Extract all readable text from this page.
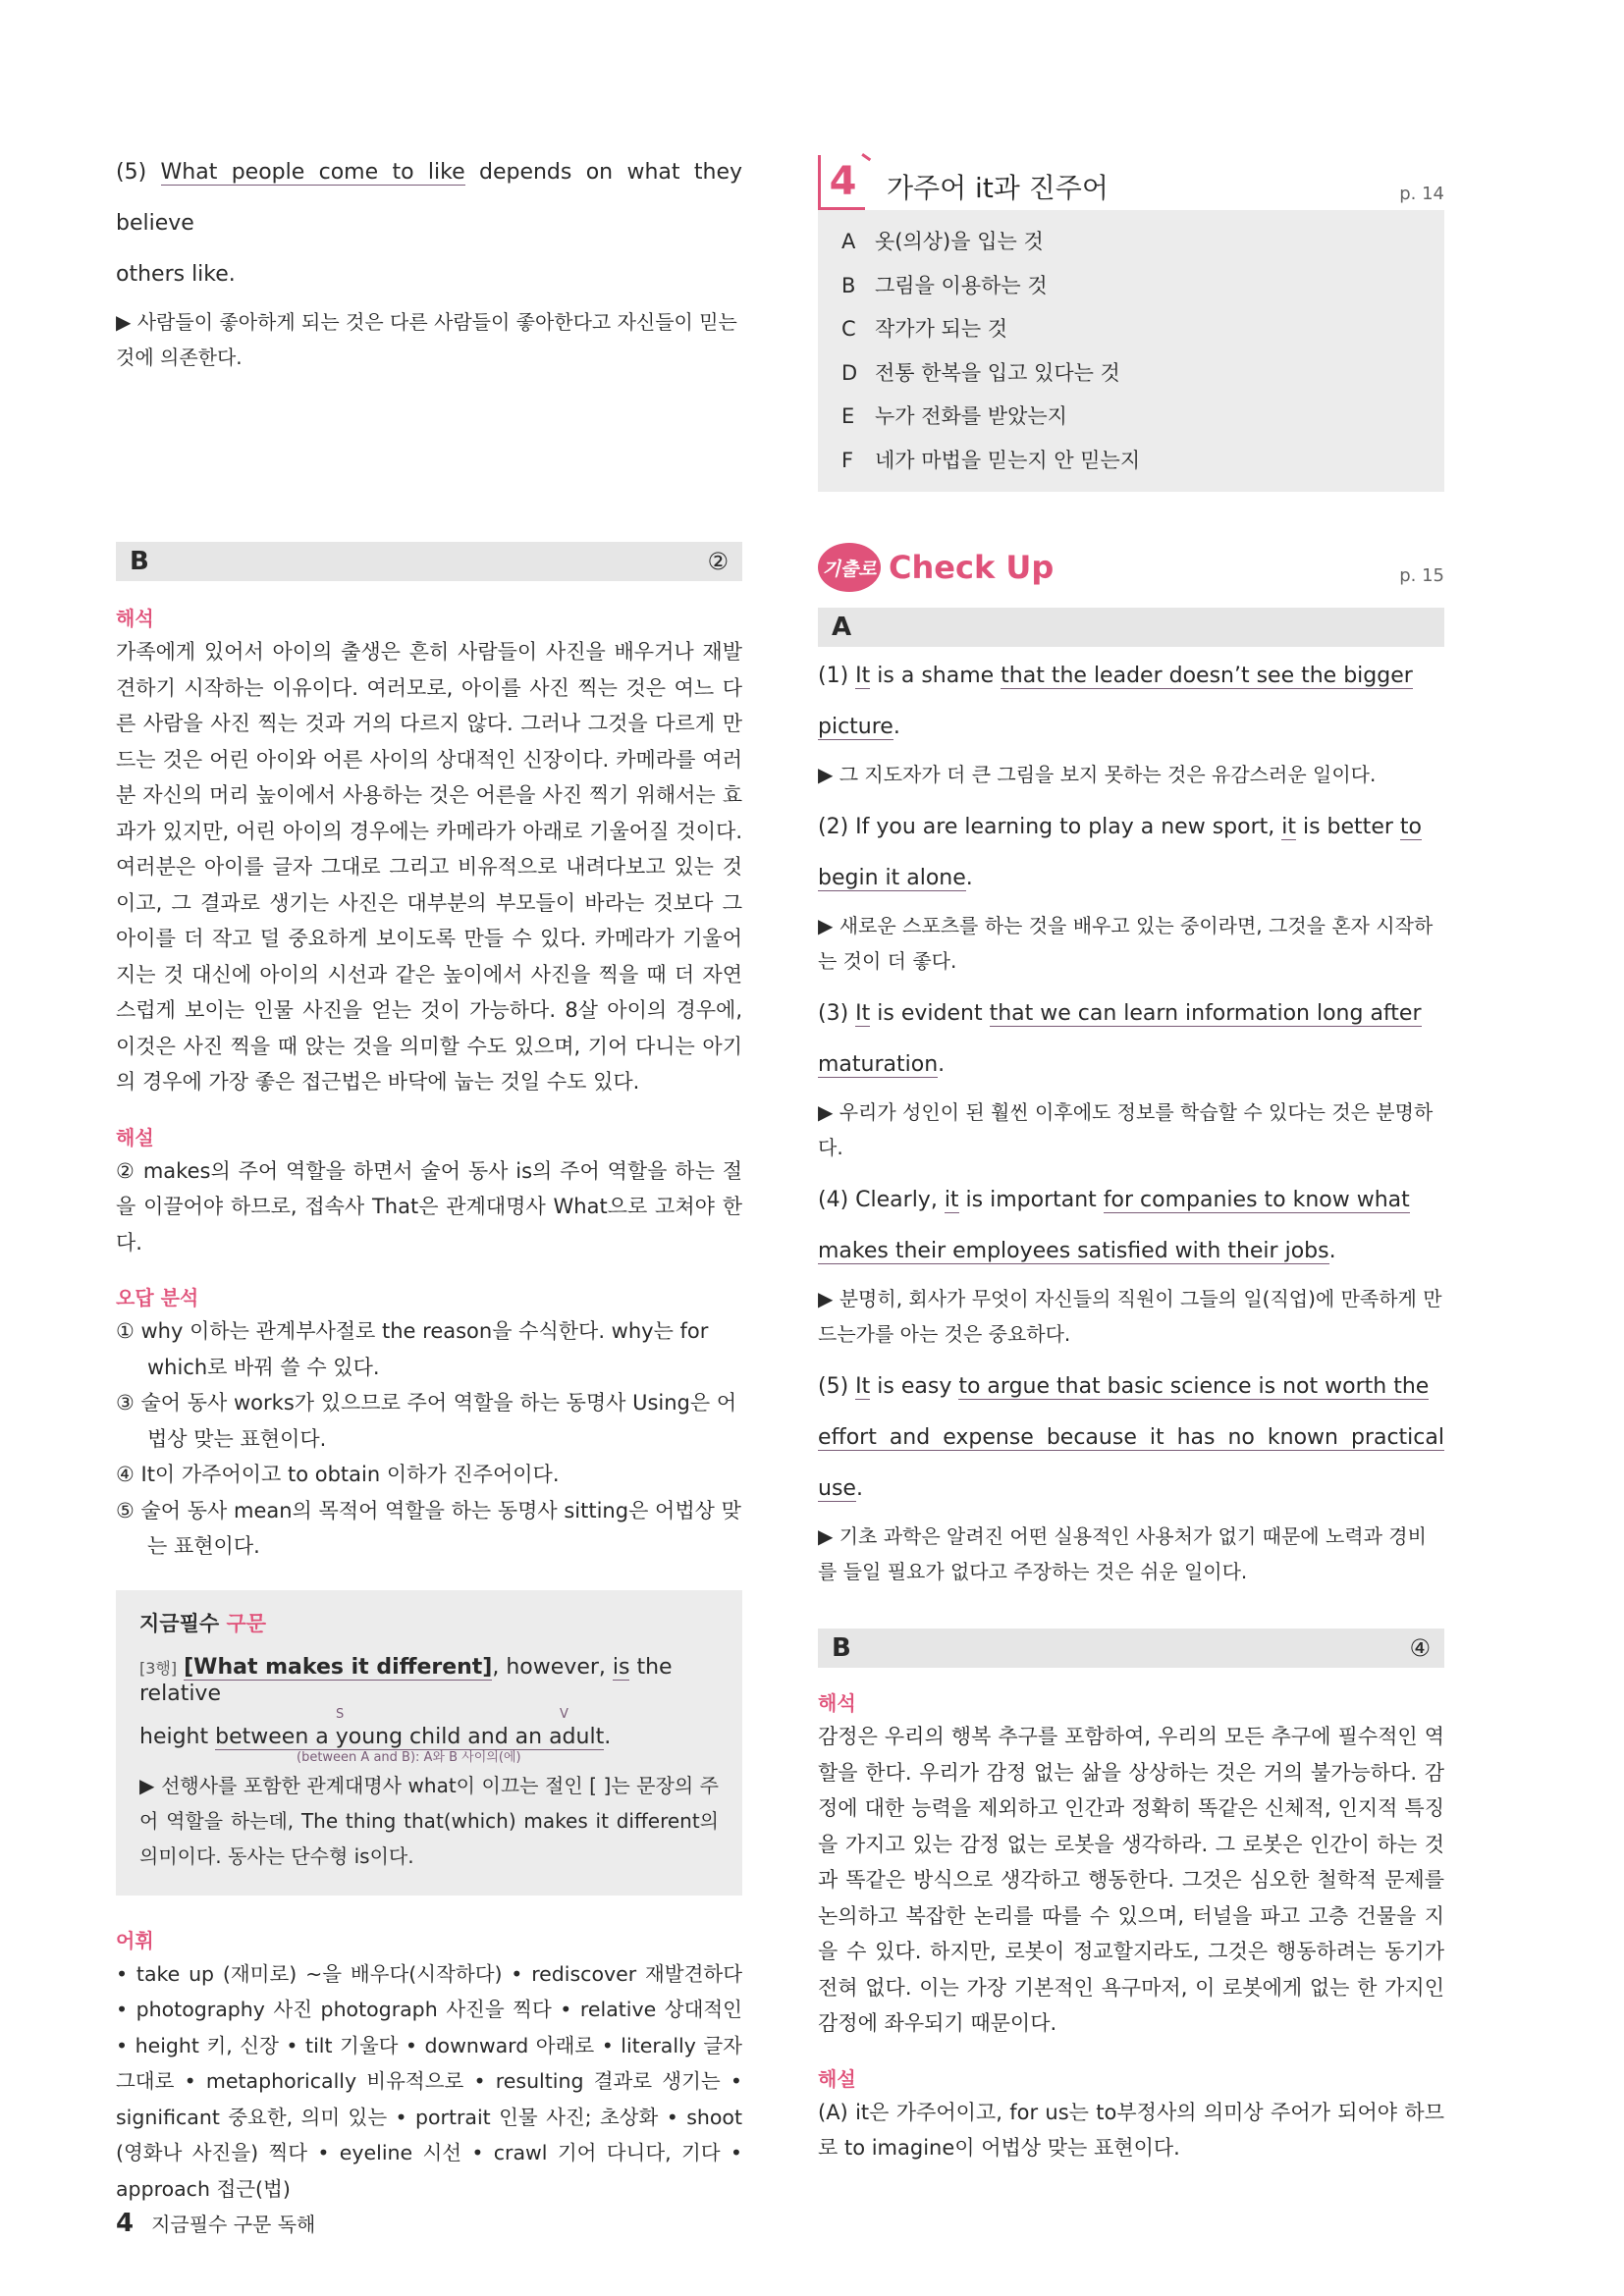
(5) What people come to like depends on what they believe

others like.

▶ 사람들이 좋아하게 되는 것은 다른 사람들이 좋아한다고 자신들이 믿는 것에 의존한다.

B	②

해석

가족에게 있어서 아이의 출생은 흔히 사람들이 사진을 배우거나 재발견하기 시작하는 이유이다. 여러모로, 아이를 사진 찍는 것은 여느 다른 사람을 사진 찍는 것과 거의 다르지 않다. 그러나 그것을 다르게 만드는 것은 어린 아이와 어른 사이의 상대적인 신장이다. 카메라를 여러분 자신의 머리 높이에서 사용하는 것은 어른을 사진 찍기 위해서는 효과가 있지만, 어린 아이의 경우에는 카메라가 아래로 기울어질 것이다. 여러분은 아이를 글자 그대로 그리고 비유적으로 내려다보고 있는 것이고, 그 결과로 생기는 사진은 대부분의 부모들이 바라는 것보다 그 아이를 더 작고 덜 중요하게 보이도록 만들 수 있다. 카메라가 기울어지는 것 대신에 아이의 시선과 같은 높이에서 사진을 찍을 때 더 자연스럽게 보이는 인물 사진을 얻는 것이 가능하다. 8살 아이의 경우에, 이것은 사진 찍을 때 앉는 것을 의미할 수도 있으며, 기어 다니는 아기의 경우에 가장 좋은 접근법은 바닥에 눕는 것일 수도 있다.

해설

② makes의 주어 역할을 하면서 술어 동사 is의 주어 역할을 하는 절을 이끌어야 하므로, 접속사 That은 관계대명사 What으로 고쳐야 한다.

오답 분석

① why 이하는 관계부사절로 the reason을 수식한다. why는 for which로 바꿔 쓸 수 있다.

③ 술어 동사 works가 있으므로 주어 역할을 하는 동명사 Using은 어법상 맞는 표현이다.

④ It이 가주어이고 to obtain 이하가 진주어이다.

⑤ 술어 동사 mean의 목적어 역할을 하는 동명사 sitting은 어법상 맞는 표현이다.

지금필수 구문

[3행] [What makes it different], however, is the relative

S	V

height between a young child and an adult.

(between A and B): A와 B 사이의(에)

▶ 선행사를 포함한 관계대명사 what이 이끄는 절인 [ ]는 문장의 주어 역할을 하는데, The thing that(which) makes it different의 의미이다. 동사는 단수형 is이다.

어휘

• take up (재미로) ~을 배우다(시작하다) • rediscover 재발견하다 • photography 사진 photograph 사진을 찍다 • relative 상대적인 • height 키, 신장 • tilt 기울다 • downward 아래로 • literally 글자 그대로 • metaphorically 비유적으로 • resulting 결과로 생기는 • significant 중요한, 의미 있는 • portrait 인물 사진; 초상화 • shoot (영화나 사진을) 찍다 • eyeline 시선 • crawl 기어 다니다, 기다 • approach 접근(법)

4	가주어 it과 진주어	p. 14
A 옷(의상)을 입는 것
B 그림을 이용하는 것
C 작가가 되는 것
D 전통 한복을 입고 있다는 것
E 누가 전화를 받았는지
F 네가 마법을 믿는지 안 믿는지
기출로 Check Up	p. 15
A

(1) It is a shame that the leader doesn’t see the bigger

picture.

▶ 그 지도자가 더 큰 그림을 보지 못하는 것은 유감스러운 일이다.

(2) If you are learning to play a new sport, it is better to

begin it alone.

▶ 새로운 스포츠를 하는 것을 배우고 있는 중이라면, 그것을 혼자 시작하는 것이 더 좋다.

(3) It is evident that we can learn information long after

maturation.

▶ 우리가 성인이 된 훨씬 이후에도 정보를 학습할 수 있다는 것은 분명하다.

(4) Clearly, it is important for companies to know what

makes their employees satisfied with their jobs.

▶ 분명히, 회사가 무엇이 자신들의 직원이 그들의 일(직업)에 만족하게 만드는가를 아는 것은 중요하다.

(5) It is easy to argue that basic science is not worth the

effort and expense because it has no known practical use.

▶ 기초 과학은 알려진 어떤 실용적인 사용처가 없기 때문에 노력과 경비를 들일 필요가 없다고 주장하는 것은 쉬운 일이다.

B	④

해석

감정은 우리의 행복 추구를 포함하여, 우리의 모든 추구에 필수적인 역할을 한다. 우리가 감정 없는 삶을 상상하는 것은 거의 불가능하다. 감정에 대한 능력을 제외하고 인간과 정확히 똑같은 신체적, 인지적 특징을 가지고 있는 감정 없는 로봇을 생각하라. 그 로봇은 인간이 하는 것과 똑같은 방식으로 생각하고 행동한다. 그것은 심오한 철학적 문제를 논의하고 복잡한 논리를 따를 수 있으며, 터널을 파고 고층 건물을 지을 수 있다. 하지만, 로봇이 정교할지라도, 그것은 행동하려는 동기가 전혀 없다. 이는 가장 기본적인 욕구마저, 이 로봇에게 없는 한 가지인 감정에 좌우되기 때문이다.

해설

(A) it은 가주어이고, for us는 to부정사의 의미상 주어가 되어야 하므로 to imagine이 어법상 맞는 표현이다.

4 지금필수 구문 독해
